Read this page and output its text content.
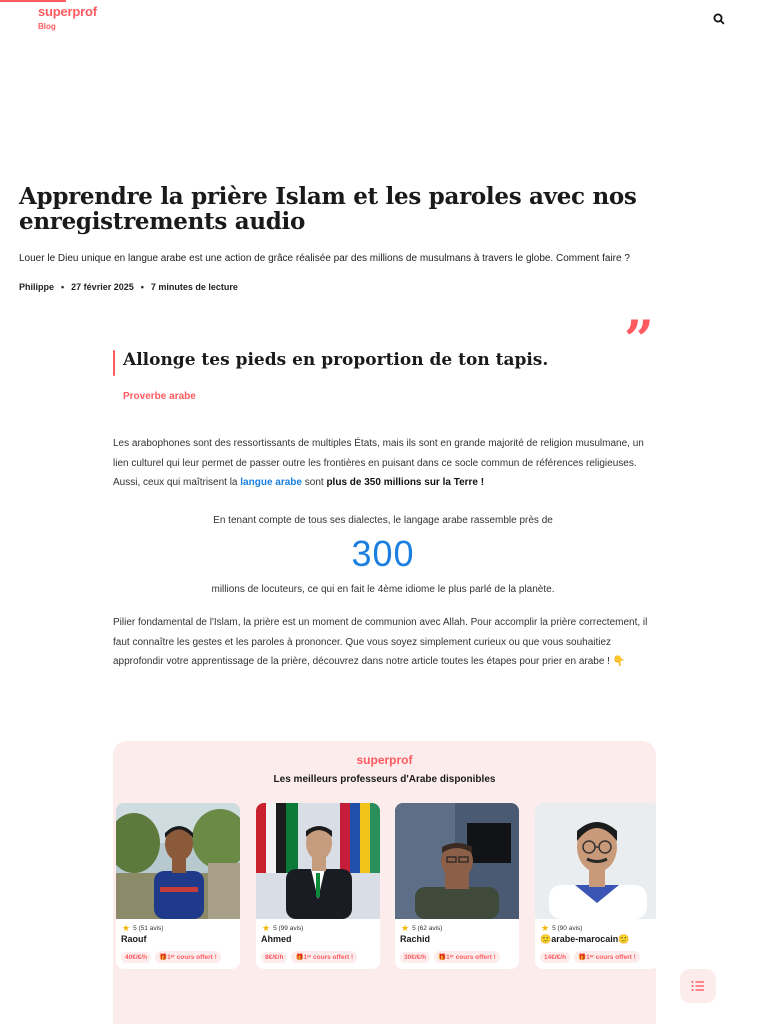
superprof
Blog
Apprendre la prière Islam et les paroles avec nos enregistrements audio

Louer le Dieu unique en langue arabe est une action de grâce réalisée par des millions de musulmans à travers le globe. Comment faire ?

Philippe • 27 février 2025 • 7 minutes de lecture
”
Allonge tes pieds en proportion de ton tapis.
Proverbe arabe

Les arabophones sont des ressortissants de multiples États, mais ils sont en grande majorité de religion musulmane, un lien culturel qui leur permet de passer outre les frontières en puisant dans ce socle commun de références religieuses. Aussi, ceux qui maîtrisent la langue arabe sont plus de 350 millions sur la Terre !

En tenant compte de tous ses dialectes, le langage arabe rassemble près de
300
millions de locuteurs, ce qui en fait le 4ème idiome le plus parlé de la planète.

Pilier fondamental de l'Islam, la prière est un moment de communion avec Allah. Pour accomplir la prière correctement, il faut connaître les gestes et les paroles à prononcer. Que vous soyez simplement curieux ou que vous souhaitiez approfondir votre apprentissage de la prière, découvrez dans notre article toutes les étapes pour prier en arabe ! 👇

superprof
Les meilleurs professeurs d'Arabe disponibles
★ 5 (51 avis)
Raouf
40€/€/h	🎁1ᵉʳ cours offert !
★ 5 (99 avis)
Ahmed
8€/€/h	🎁1ᵉʳ cours offert !
★ 5 (62 avis)
Rachid
30€/€/h	🎁1ᵉʳ cours offert !
★ 5 (90 avis)
🙂arabe-marocain🙂
14€/€/h	🎁1ᵉʳ cours offert !
